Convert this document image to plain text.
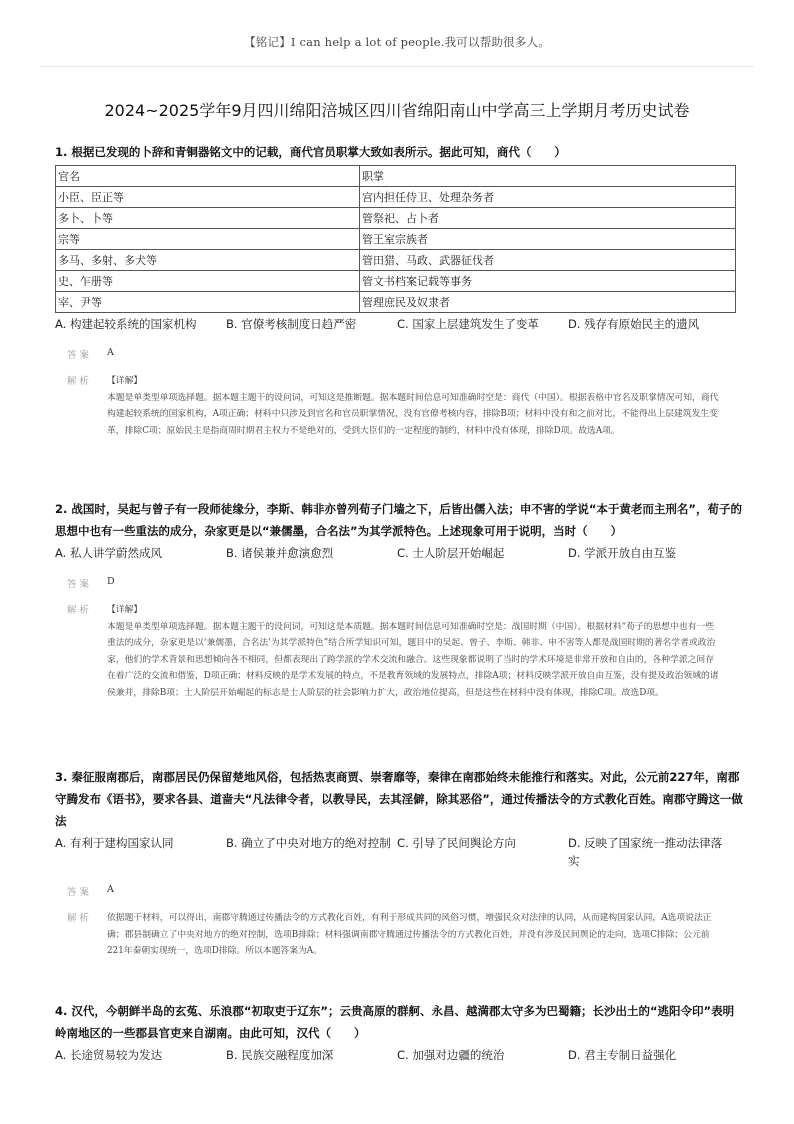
【铭记】I can help a lot of people.我可以帮助很多人。
2024~2025学年9月四川绵阳涪城区四川省绵阳南山中学高三上学期月考历史试卷
1. 根据已发现的卜辞和青铜器铭文中的记载，商代官员职掌大致如表所示。据此可知，商代（　　）
官名	职掌
小臣、臣正等	宫内担任侍卫、处理杂务者
多卜、卜等	管祭祀、占卜者
宗等	管王室宗族者
多马、多射、多犬等	管田猎、马政、武器征伐者
史、乍册等	管文书档案记载等事务
宰、尹等	管理庶民及奴隶者
A. 构建起较系统的国家机构	B. 官僚考核制度日趋严密	C. 国家上层建筑发生了变革	D. 残存有原始民主的遗风
答 案	A
解 析	【详解】
本题是单类型单项选择题。据本题主题干的设问词，可知这是推断题。据本题时间信息可知准确时空是：商代（中国）。根据表格中官名及职掌情况可知，商代构建起较系统的国家机构，A项正确；材料中只涉及到官名和官员职掌情况，没有官僚考核内容，排除B项；材料中没有和之前对比，不能得出上层建筑发生变革，排除C项；原始民主是指商周时期君主权力不是绝对的，受到大臣们的一定程度的制约，材料中没有体现，排除D项。故选A项。
2. 战国时，吴起与曾子有一段师徒缘分，李斯、韩非亦曾列荀子门墙之下，后皆出儒入法；申不害的学说“本于黄老而主刑名”，荀子的思想中也有一些重法的成分，杂家更是以“兼儒墨，合名法”为其学派特色。上述现象可用于说明，当时（　　）
A. 私人讲学蔚然成风	B. 诸侯兼并愈演愈烈	C. 士人阶层开始崛起	D. 学派开放自由互鉴
答 案	D
解 析	【详解】
本题是单类型单项选择题。据本题主题干的设问词，可知这是本质题。据本题时间信息可知准确时空是：战国时期（中国）。根据材料“荀子的思想中也有一些重法的成分，杂家更是以‘兼儒墨，合名法’为其学派特色”结合所学知识可知，题目中的吴起、曾子、李斯、韩非、申不害等人都是战国时期的著名学者或政治家，他们的学术背景和思想倾向各不相同，但都表现出了跨学派的学术交流和融合。这些现象都说明了当时的学术环境是非常开放和自由的，各种学派之间存在着广泛的交流和借鉴，D项正确；材料反映的是学术发展的特点，不是教育领域的发展特点，排除A项；材料反映学派开放自由互鉴，没有提及政治领域的诸侯兼并，排除B项；士人阶层开始崛起的标志是士人阶层的社会影响力扩大，政治地位提高，但是这些在材料中没有体现，排除C项。故选D项。
3. 秦征服南郡后，南郡居民仍保留楚地风俗，包括热衷商贾、崇奢靡等，秦律在南郡始终未能推行和落实。对此，公元前227年，南郡守腾发布《语书》，要求各县、道啬夫“凡法律令者，以教导民，去其淫僻，除其恶俗”，通过传播法令的方式教化百姓。南郡守腾这一做法
A. 有利于建构国家认同	B. 确立了中央对地方的绝对控制 C. 引导了民间舆论方向	D. 反映了国家统一推动法律落实
答 案	A
解 析	依据题干材料，可以得出，南郡守腾通过传播法令的方式教化百姓，有利于形成共同的风俗习惯，增强民众对法律的认同，从而建构国家认同，A选项说法正确；郡县制确立了中央对地方的绝对控制，选项B排除；材料强调南郡守腾通过传播法令的方式教化百姓，并没有涉及民间舆论的走向，选项C排除；公元前221年秦朝实现统一，选项D排除。所以本题答案为A。
4. 汉代，今朝鲜半岛的玄菟、乐浪郡“初取吏于辽东”；云贵高原的群舸、永昌、越満郡太守多为巴蜀籍；长沙出土的“逃阳令印”表明岭南地区的一些郡县官吏来自湖南。由此可知，汉代（　　）
A. 长途贸易较为发达	B. 民族交融程度加深	C. 加强对边疆的统治	D. 君主专制日益强化
